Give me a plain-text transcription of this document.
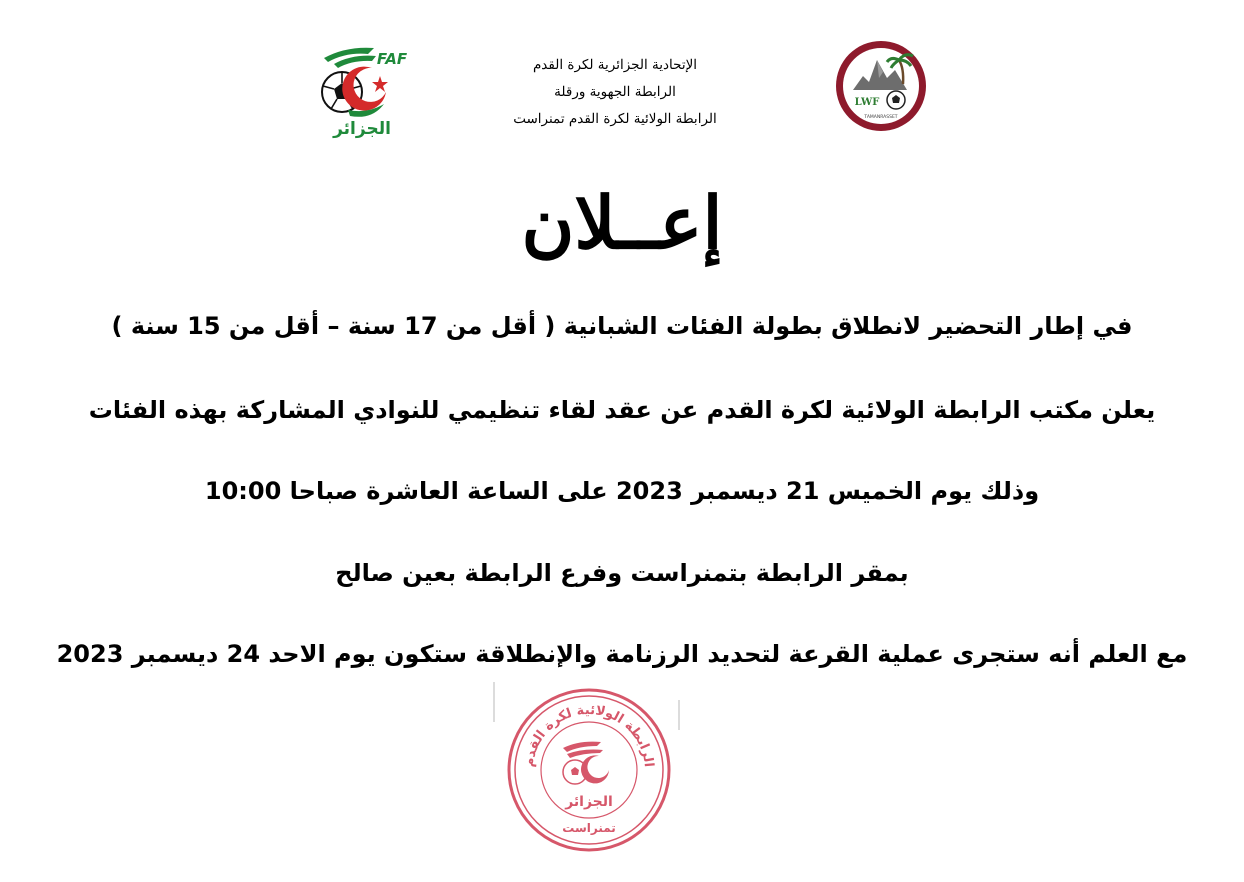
LWF
TAMANRASSET
FAF
الجزائر
الإتحادية الجزائرية لكرة القدم
الرابطة الجهوية ورقلة
الرابطة الولائية لكرة القدم تمنراست
إعــلان
في إطار التحضير لانطلاق بطولة الفئات الشبانية ( أقل من 17 سنة – أقل من 15 سنة )
يعلن مكتب الرابطة الولائية لكرة القدم عن عقد لقاء تنظيمي للنوادي المشاركة بهذه الفئات
وذلك يوم الخميس 21 ديسمبر 2023 على الساعة العاشرة صباحا 10:00
بمقر الرابطة بتمنراست وفرع الرابطة بعين صالح
مع العلم أنه ستجرى عملية القرعة لتحديد الرزنامة والإنطلاقة ستكون يوم الاحد 24 ديسمبر 2023
الرابطة الولائية لكرة القدم
الجزائر
تمنراست
